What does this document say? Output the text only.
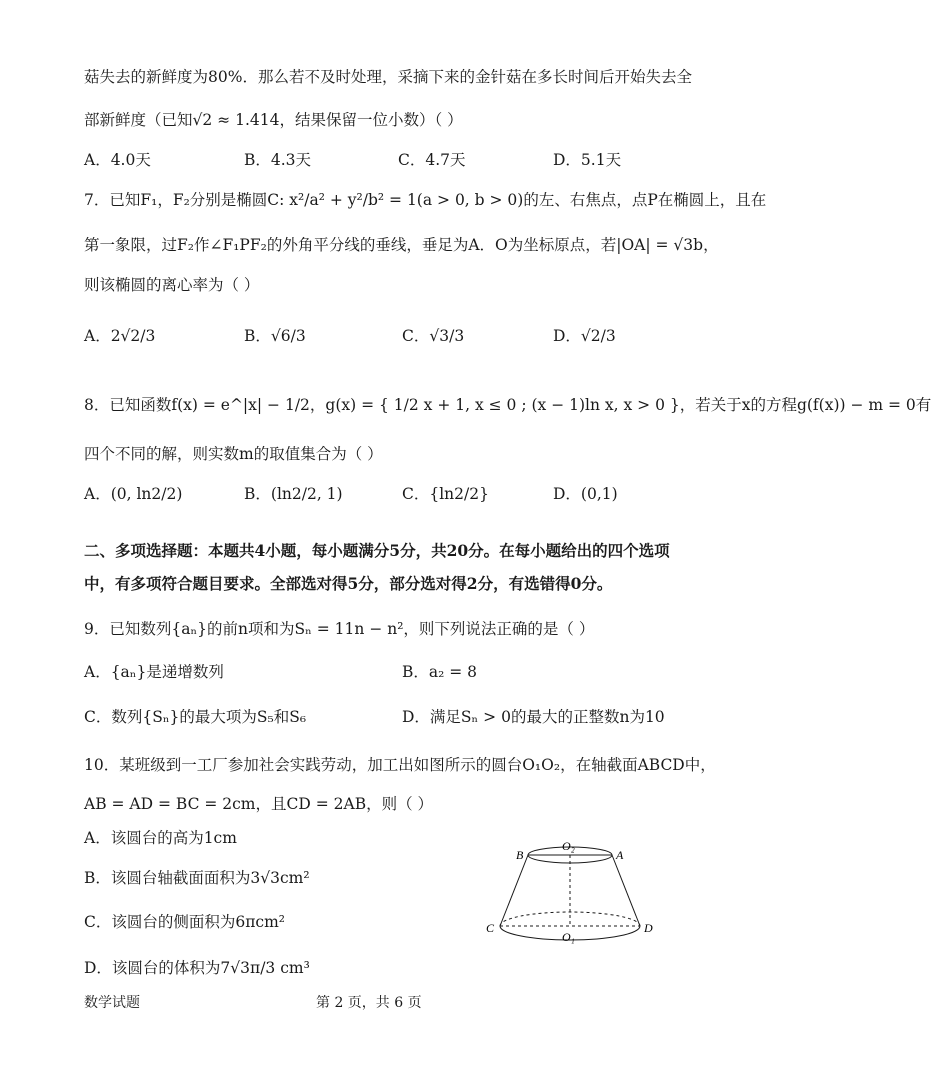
菇失去的新鲜度为80%．那么若不及时处理，采摘下来的金针菇在多长时间后开始失去全
部新鲜度（已知√2 ≈ 1.414，结果保留一位小数）（ ）
A．4.0天	B．4.3天	C．4.7天	D．5.1天
7．已知F₁，F₂分别是椭圆C: x²/a² + y²/b² = 1(a > 0, b > 0)的左、右焦点，点P在椭圆上，且在
第一象限，过F₂作∠F₁PF₂的外角平分线的垂线，垂足为A．O为坐标原点，若|OA| = √3b，
则该椭圆的离心率为（ ）
A．2√2/3	B．√6/3	C．√3/3	D．√2/3
8．已知函数f(x) = e^|x| − 1/2，g(x) = { 1/2 x + 1, x ≤ 0 ; (x − 1)ln x, x > 0 }，若关于x的方程g(f(x)) − m = 0有
四个不同的解，则实数m的取值集合为（ ）
A．(0, ln2/2)	B．(ln2/2, 1)	C．{ln2/2}	D．(0,1)
二、多项选择题：本题共4小题，每小题满分5分，共20分。在每小题给出的四个选项
中，有多项符合题目要求。全部选对得5分，部分选对得2分，有选错得0分。
9．已知数列{aₙ}的前n项和为Sₙ = 11n − n²，则下列说法正确的是（ ）
A．{aₙ}是递增数列	B．a₂ = 8
C．数列{Sₙ}的最大项为S₅和S₆	D．满足Sₙ > 0的最大的正整数n为10
10．某班级到一工厂参加社会实践劳动，加工出如图所示的圆台O₁O₂，在轴截面ABCD中，
AB = AD = BC = 2cm，且CD = 2AB，则（ ）
A．该圆台的高为1cm
B．该圆台轴截面面积为3√3cm²
C．该圆台的侧面积为6πcm²
D．该圆台的体积为7√3π/3 cm³
B
O₂
A
C
O₁
D
数学试题	第 2 页，共 6 页
